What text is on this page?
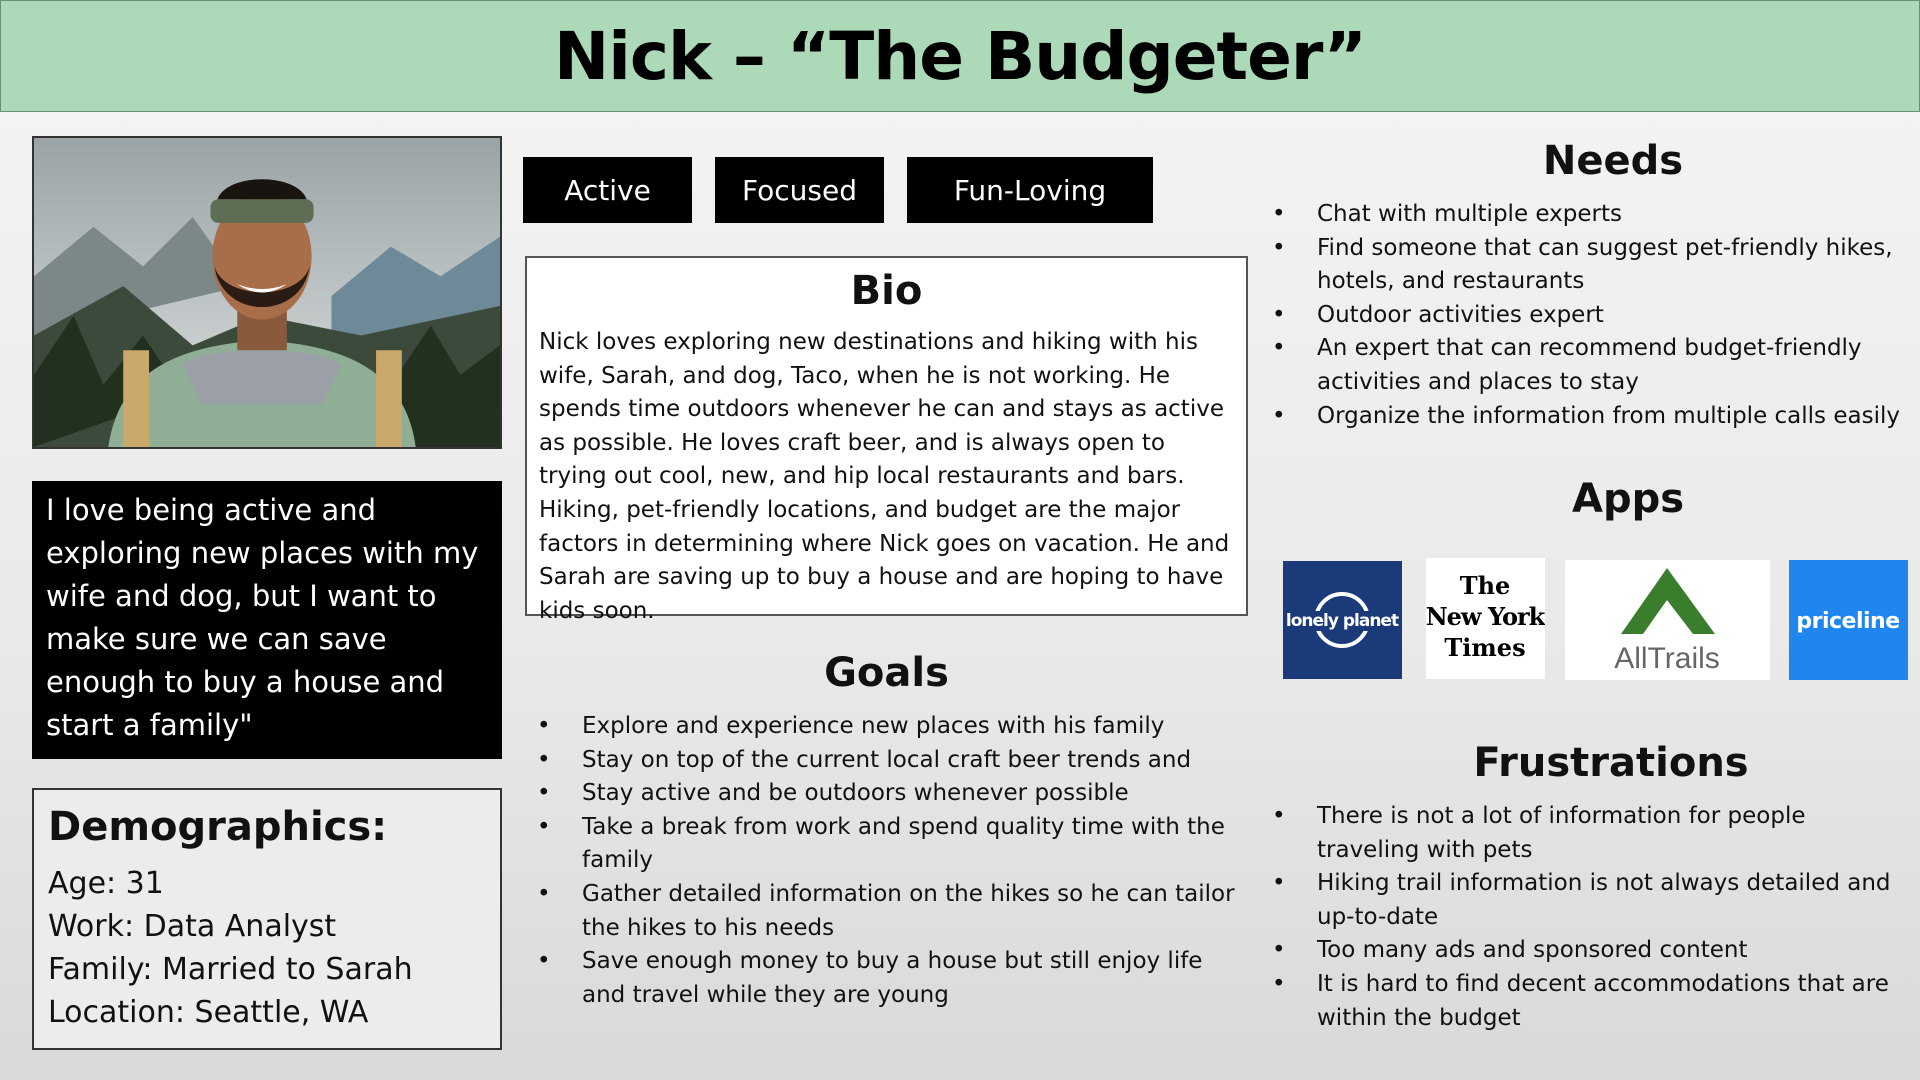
Nick – “The Budgeter”
I love being active and exploring new places with my wife and dog, but I want to make sure we can save enough to buy a house and start a family"
Demographics:
Age: 31
Work: Data Analyst
Family: Married to Sarah
Location: Seattle, WA
Active	Focused	Fun-Loving
Bio

Nick loves exploring new destinations and hiking with his wife, Sarah, and dog, Taco, when he is not working. He spends time outdoors whenever he can and stays as active as possible. He loves craft beer, and is always open to trying out cool, new, and hip local restaurants and bars. Hiking, pet-friendly locations, and budget are the major factors in determining where Nick goes on vacation. He and Sarah are saving up to buy a house and are hoping to have kids soon.

Goals
• Explore and experience new places with his family
• Stay on top of the current local craft beer trends and
• Stay active and be outdoors whenever possible
• Take a break from work and spend quality time with the family
• Gather detailed information on the hikes so he can tailor the hikes to his needs
• Save enough money to buy a house but still enjoy life and travel while they are young
Needs
• Chat with multiple experts
• Find someone that can suggest pet-friendly hikes, hotels, and restaurants
• Outdoor activities expert
• An expert that can recommend budget-friendly activities and places to stay
• Organize the information from multiple calls easily
Apps
lonely planet
The
New York
Times	AllTrails
priceline
Frustrations
• There is not a lot of information for people traveling with pets
• Hiking trail information is not always detailed and up-to-date
• Too many ads and sponsored content
• It is hard to find decent accommodations that are within the budget
